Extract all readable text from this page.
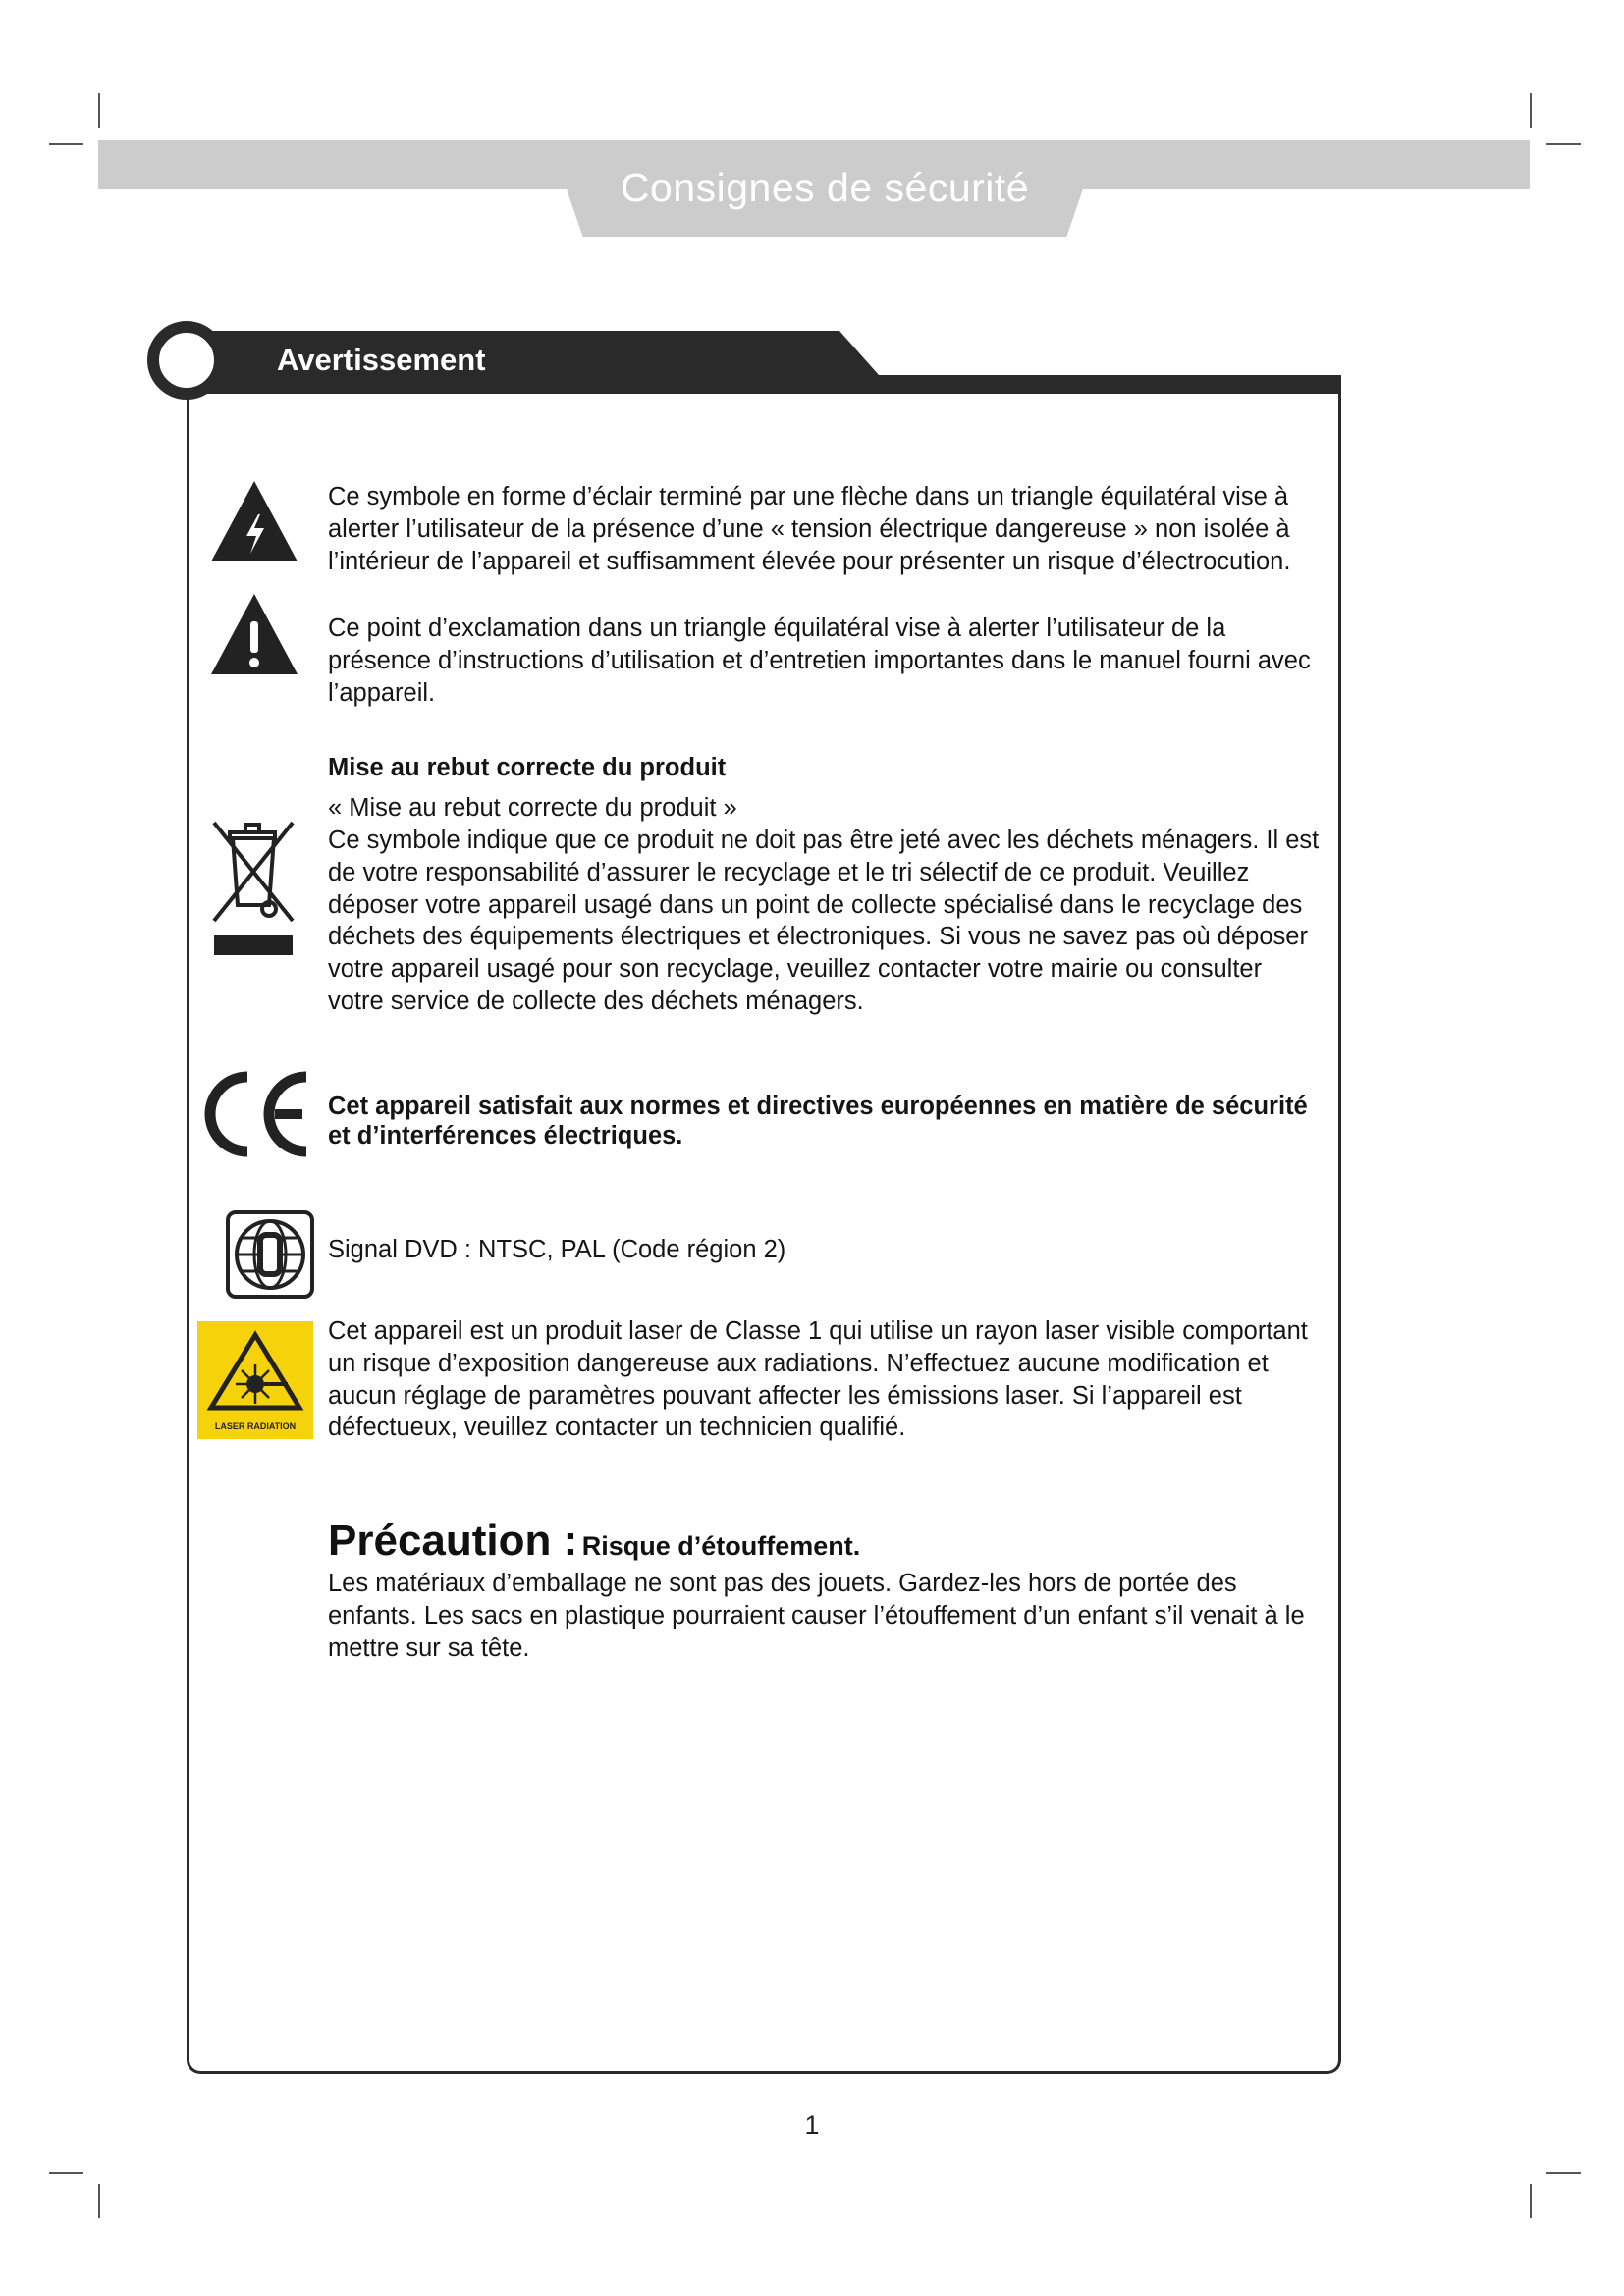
Consignes de sécurité
Avertissement
Ce symbole en forme d’éclair terminé par une flèche dans un triangle équilatéral vise à alerter l’utilisateur de la présence d’une « tension électrique dangereuse » non isolée à l’intérieur de l’appareil et suffisamment élevée pour présenter un risque d’électrocution.
Ce point d’exclamation dans un triangle équilatéral vise à alerter l’utilisateur de la présence d’instructions d’utilisation et d’entretien importantes dans le manuel fourni avec l’appareil.
Mise au rebut correcte du produit
« Mise au rebut correcte du produit »
Ce symbole indique que ce produit ne doit pas être jeté avec les déchets ménagers. Il est de votre responsabilité d’assurer le recyclage et le tri sélectif de ce produit. Veuillez déposer votre appareil usagé dans un point de collecte spécialisé dans le recyclage des déchets des équipements électriques et électroniques. Si vous ne savez pas où déposer votre appareil usagé pour son recyclage, veuillez contacter votre mairie ou consulter votre service de collecte des déchets ménagers.
Cet appareil satisfait aux normes et directives européennes en matière de sécurité et d’interférences électriques.
Signal DVD : NTSC, PAL (Code région 2)
LASER RADIATION
Cet appareil est un produit laser de Classe 1 qui utilise un rayon laser visible comportant un risque d’exposition dangereuse aux radiations. N’effectuez aucune modification et aucun réglage de paramètres pouvant affecter les émissions laser. Si l’appareil est défectueux, veuillez contacter un technicien qualifié.
Précaution : Risque d’étouffement.
Les matériaux d’emballage ne sont pas des jouets. Gardez-les hors de portée des enfants. Les sacs en plastique pourraient causer l’étouffement d’un enfant s’il venait à le mettre sur sa tête.
1
